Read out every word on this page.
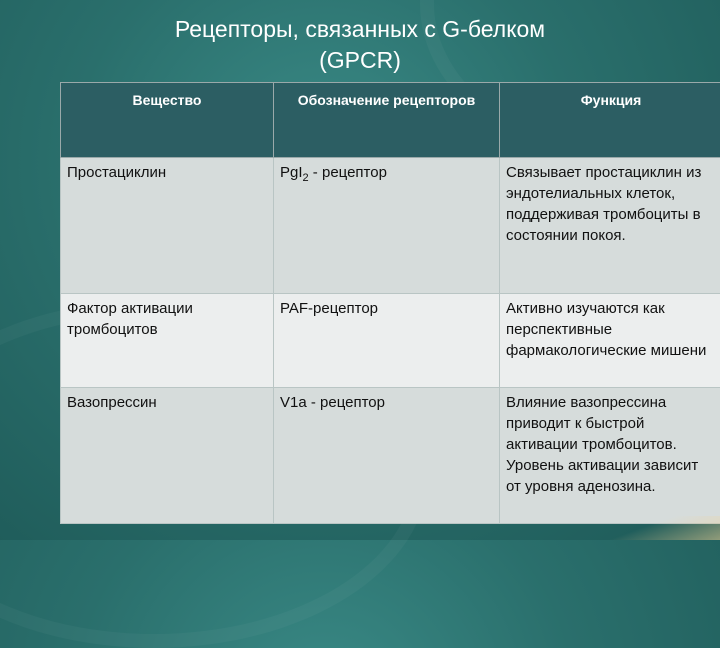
Рецепторы, связанных с G-белком
(GPCR)
Вещество	Обозначение рецепторов	Функция
Простациклин	PgI$_2$ - рецептор	Связывает простациклин из эндотелиальных клеток, поддерживая тромбоциты в состоянии покоя.
Фактор активации тромбоцитов	PAF-рецептор	Активно изучаются как перспективные фармакологические мишени
Вазопрессин	V1a - рецептор	Влияние вазопрессина приводит к быстрой активации тромбоцитов. Уровень активации зависит от уровня аденозина.
